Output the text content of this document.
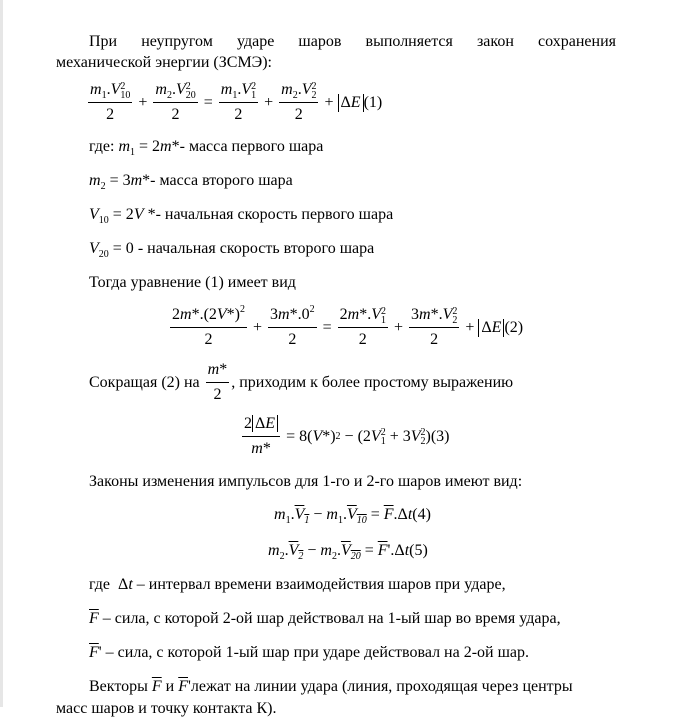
При неупругом ударе шаров выполняется закон сохранения
механической энергии (ЗСМЭ):
$m_1.V2$
10
2
+
$m_2.V2$
20
2
=
$m_1.V2$
1
2
+
$m_2.V2$
2
2
+ ΔE (1)
где: $m_1 = 2m*-$ масса первого шара
$m_2 = 3m*-$ масса второго шара
$V_{10} = 2V$ *- начальная скорость первого шара
$V_{20} = 0$ - начальная скорость второго шара
Тогда уравнение (1) имеет вид
$\frac{2m*.(2V*)^2}{2} + \frac{3m*.0^2}{2}$ =
2m*.V2
1
2
+
3m*.V2
2
2
+ ΔE (2)
Сокращая (2) на
$\frac{m*}{2}$ , приходим к более простому выражению
$\frac{2 \Delta E}{m*} = 8$( V *) 2 − (2 V 2
1 + 3 V 2
2 ) (3)
Законы изменения импульсов для 1-го и 2-го шаров имеют вид:
$m_1.V_1 - m_1.V_{10} = \overline{F}.\Delta t(4)$
$m_2.V_2 - m_2.V_{20} = \overline{F}'.\Delta t(5)$
где  Δt – интервал времени взаимодействия шаров при ударе,
$\overline{F}$ – сила, с которой 2-ой шар действовал на 1-ый шар во время удара,
$\overline{F}'$ – сила, с которой 1-ый шар при ударе действовал на 2-ой шар.
Векторы $\overline{F}$ и $\overline{F}'лежат$ на линии удара (линия, проходящая через центры
масс шаров и точку контакта К).
